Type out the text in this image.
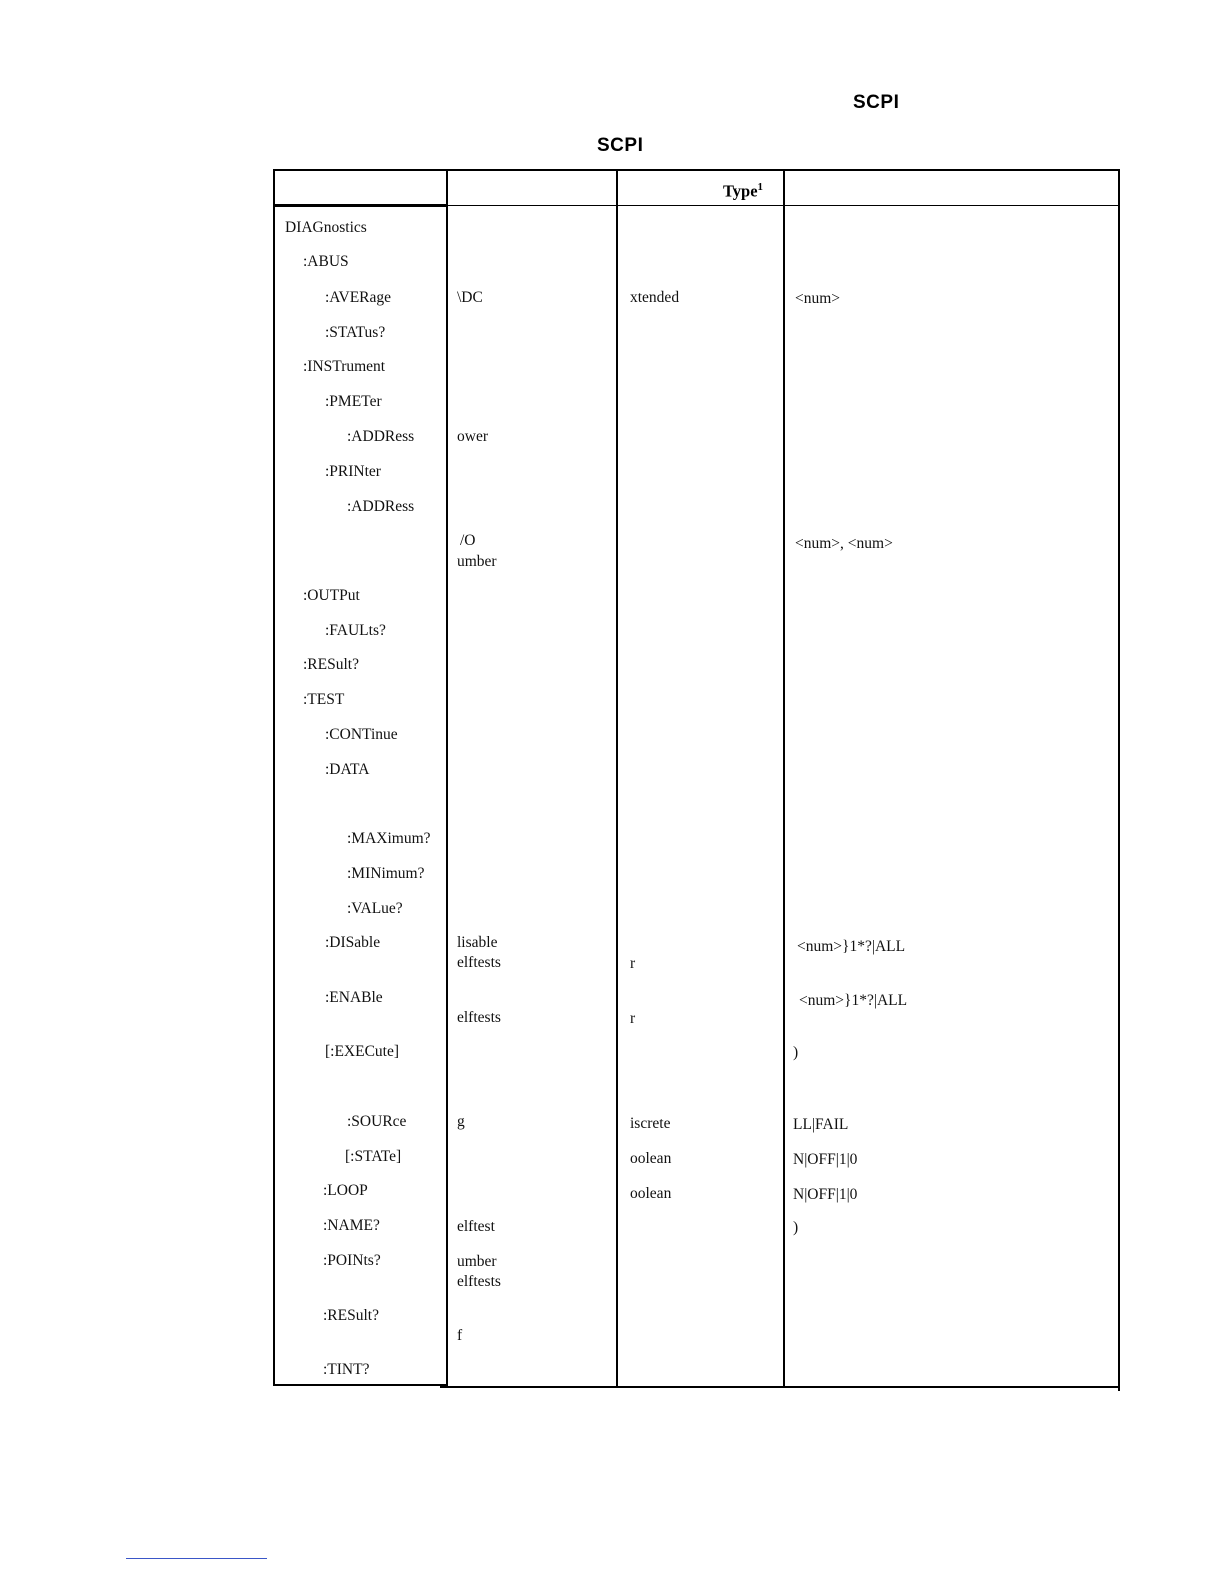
SCPI
SCPI
Type$^1$
DIAGnostics
:ABUS
:AVERage
:STATus?
:INSTrument
:PMETer
:ADDRess
:PRINter
:ADDRess
:OUTPut
:FAULts?
:RESult?
:TEST
:CONTinue
:DATA
:MAXimum?
:MINimum?
:VALue?
:DISable
:ENABle
[:EXECute]
:SOURce
[:STATe]
:LOOP
:NAME?
:POINts?
:RESult?
:TINT?
\DC
ower
/O
umber
lisable
elftests
elftests
g
elftest
umber
elftests
f
xtended
r
r
iscrete
oolean
oolean
<num>
<num>, <num>
<num>}1*?|ALL
<num>}1*?|ALL
)
LL|FAIL
N|OFF|1|0
N|OFF|1|0
)
